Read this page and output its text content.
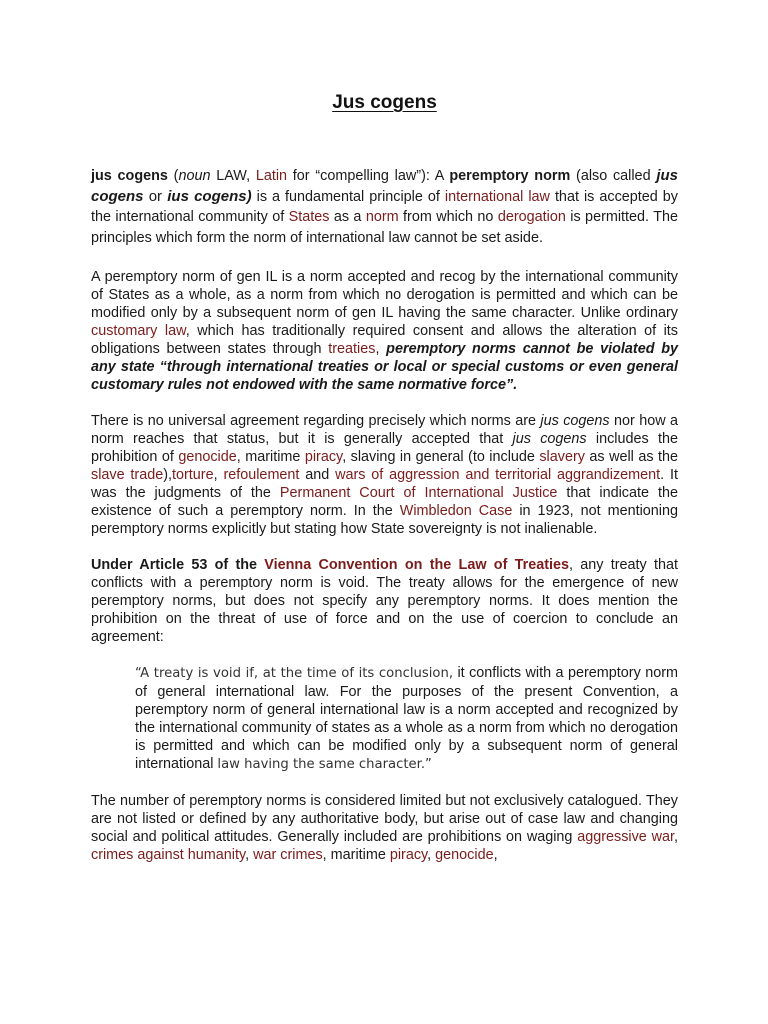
Jus cogens

jus cogens (noun LAW, Latin for “compelling law”): A peremptory norm (also called jus cogens or ius cogens) is a fundamental principle of international law that is accepted by the international community of States as a norm from which no derogation is permitted. The principles which form the norm of international law cannot be set aside.

A peremptory norm of gen IL is a norm accepted and recog by the international community of States as a whole, as a norm from which no derogation is permitted and which can be modified only by a subsequent norm of gen IL having the same character. Unlike ordinary customary law, which has traditionally required consent and allows the alteration of its obligations between states through treaties, peremptory norms cannot be violated by any state “through international treaties or local or special customs or even general customary rules not endowed with the same normative force”.

There is no universal agreement regarding precisely which norms are jus cogens nor how a norm reaches that status, but it is generally accepted that jus cogens includes the prohibition of genocide, maritime piracy, slaving in general (to include slavery as well as the slave trade),torture, refoulement and wars of aggression and territorial aggrandizement. It was the judgments of the Permanent Court of International Justice that indicate the existence of such a peremptory norm. In the Wimbledon Case in 1923, not mentioning peremptory norms explicitly but stating how State sovereignty is not inalienable.

Under Article 53 of the Vienna Convention on the Law of Treaties, any treaty that conflicts with a peremptory norm is void. The treaty allows for the emergence of new peremptory norms, but does not specify any peremptory norms. It does mention the prohibition on the threat of use of force and on the use of coercion to conclude an agreement:

“A treaty is void if, at the time of its conclusion, it conflicts with a peremptory norm of general international law. For the purposes of the present Convention, a peremptory norm of general international law is a norm accepted and recognized by the international community of states as a whole as a norm from which no derogation is permitted and which can be modified only by a subsequent norm of general international law having the same character.”

The number of peremptory norms is considered limited but not exclusively catalogued. They are not listed or defined by any authoritative body, but arise out of case law and changing social and political attitudes. Generally included are prohibitions on waging aggressive war, crimes against humanity, war crimes, maritime piracy, genocide,
